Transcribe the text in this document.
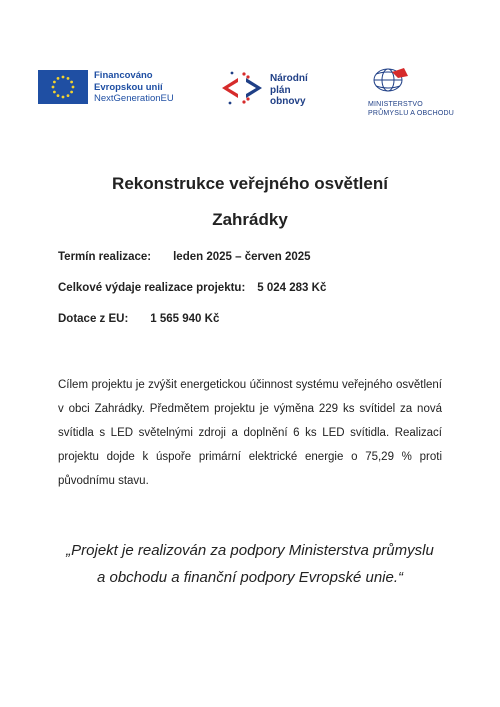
Financováno
Evropskou unií
NextGenerationEU
Národní
plán
obnovy	MINISTERSTVO
PRŮMYSLU A OBCHODU
Rekonstrukce veřejného osvětlení
Zahrádky
Termín realizace: leden 2025 – červen 2025
Celkové výdaje realizace projektu: 5 024 283 Kč
Dotace z EU: 1 565 940 Kč
Cílem projektu je zvýšit energetickou účinnost systému veřejného osvětlení v obci Zahrádky. Předmětem projektu je výměna 229 ks svítidel za nová svítidla s LED světelnými zdroji a doplnění 6 ks LED svítidla. Realizací projektu dojde k úspoře primární elektrické energie o 75,29 % proti původnímu stavu.
„Projekt je realizován za podpory Ministerstva průmyslu
a obchodu a finanční podpory Evropské unie.“
